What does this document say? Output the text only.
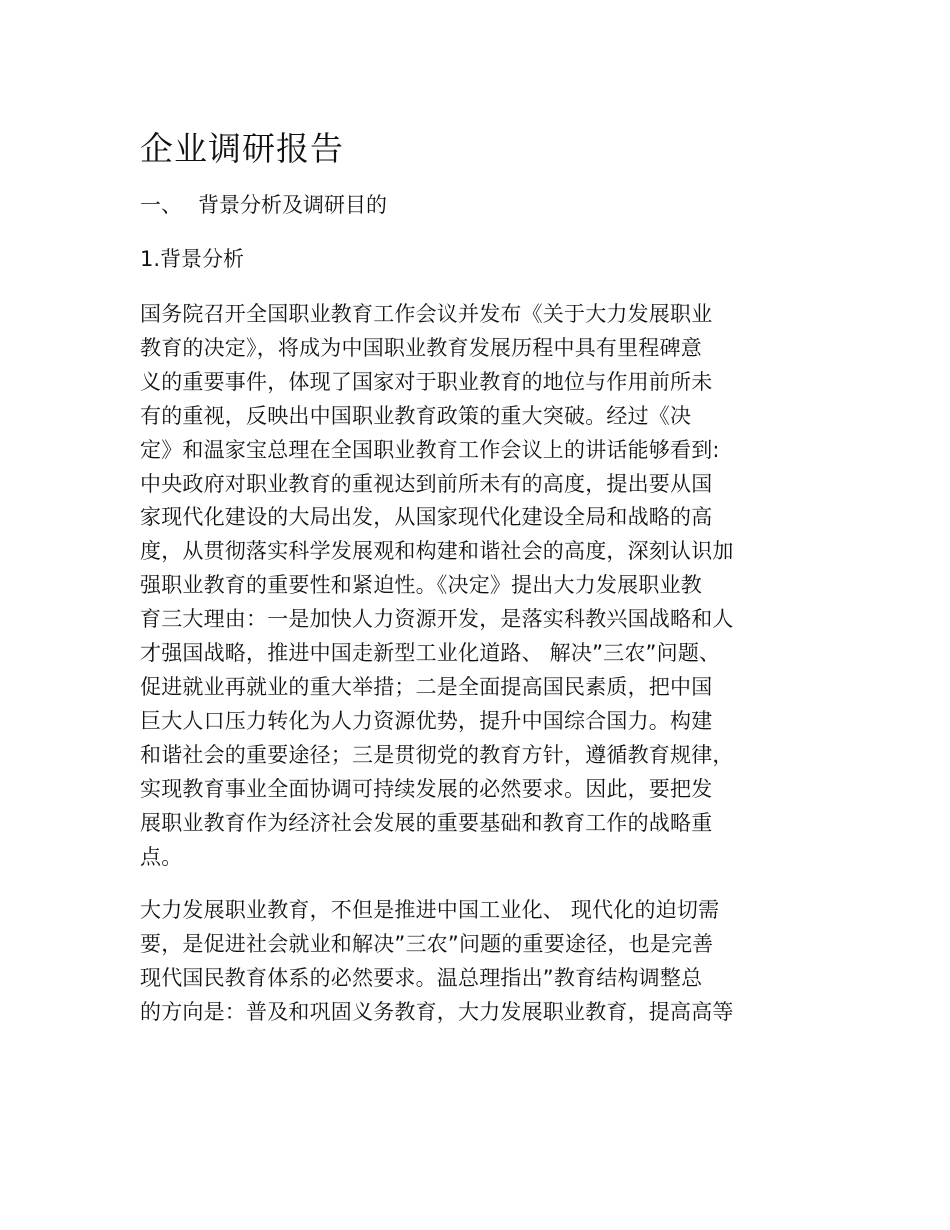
企业调研报告
一、 背景分析及调研目的
1.背景分析
国务院召开全国职业教育工作会议并发布《关于大力发展职业
教育的决定》，将成为中国职业教育发展历程中具有里程碑意
义的重要事件，体现了国家对于职业教育的地位与作用前所未
有的重视，反映出中国职业教育政策的重大突破。经过《决
定》和温家宝总理在全国职业教育工作会议上的讲话能够看到:
中央政府对职业教育的重视达到前所未有的高度，提出要从国
家现代化建设的大局出发，从国家现代化建设全局和战略的高
度，从贯彻落实科学发展观和构建和谐社会的高度，深刻认识加
强职业教育的重要性和紧迫性。《决定》提出大力发展职业教
育三大理由：一是加快人力资源开发，是落实科教兴国战略和人
才强国战略，推进中国走新型工业化道路、 解决”三农”问题、
促进就业再就业的重大举措；二是全面提高国民素质，把中国
巨大人口压力转化为人力资源优势，提升中国综合国力。构建
和谐社会的重要途径；三是贯彻党的教育方针，遵循教育规律，
实现教育事业全面协调可持续发展的必然要求。因此，要把发
展职业教育作为经济社会发展的重要基础和教育工作的战略重
点。
大力发展职业教育，不但是推进中国工业化、 现代化的迫切需
要，是促进社会就业和解决”三农”问题的重要途径，也是完善
现代国民教育体系的必然要求。温总理指出”教育结构调整总
的方向是：普及和巩固义务教育，大力发展职业教育，提高高等
